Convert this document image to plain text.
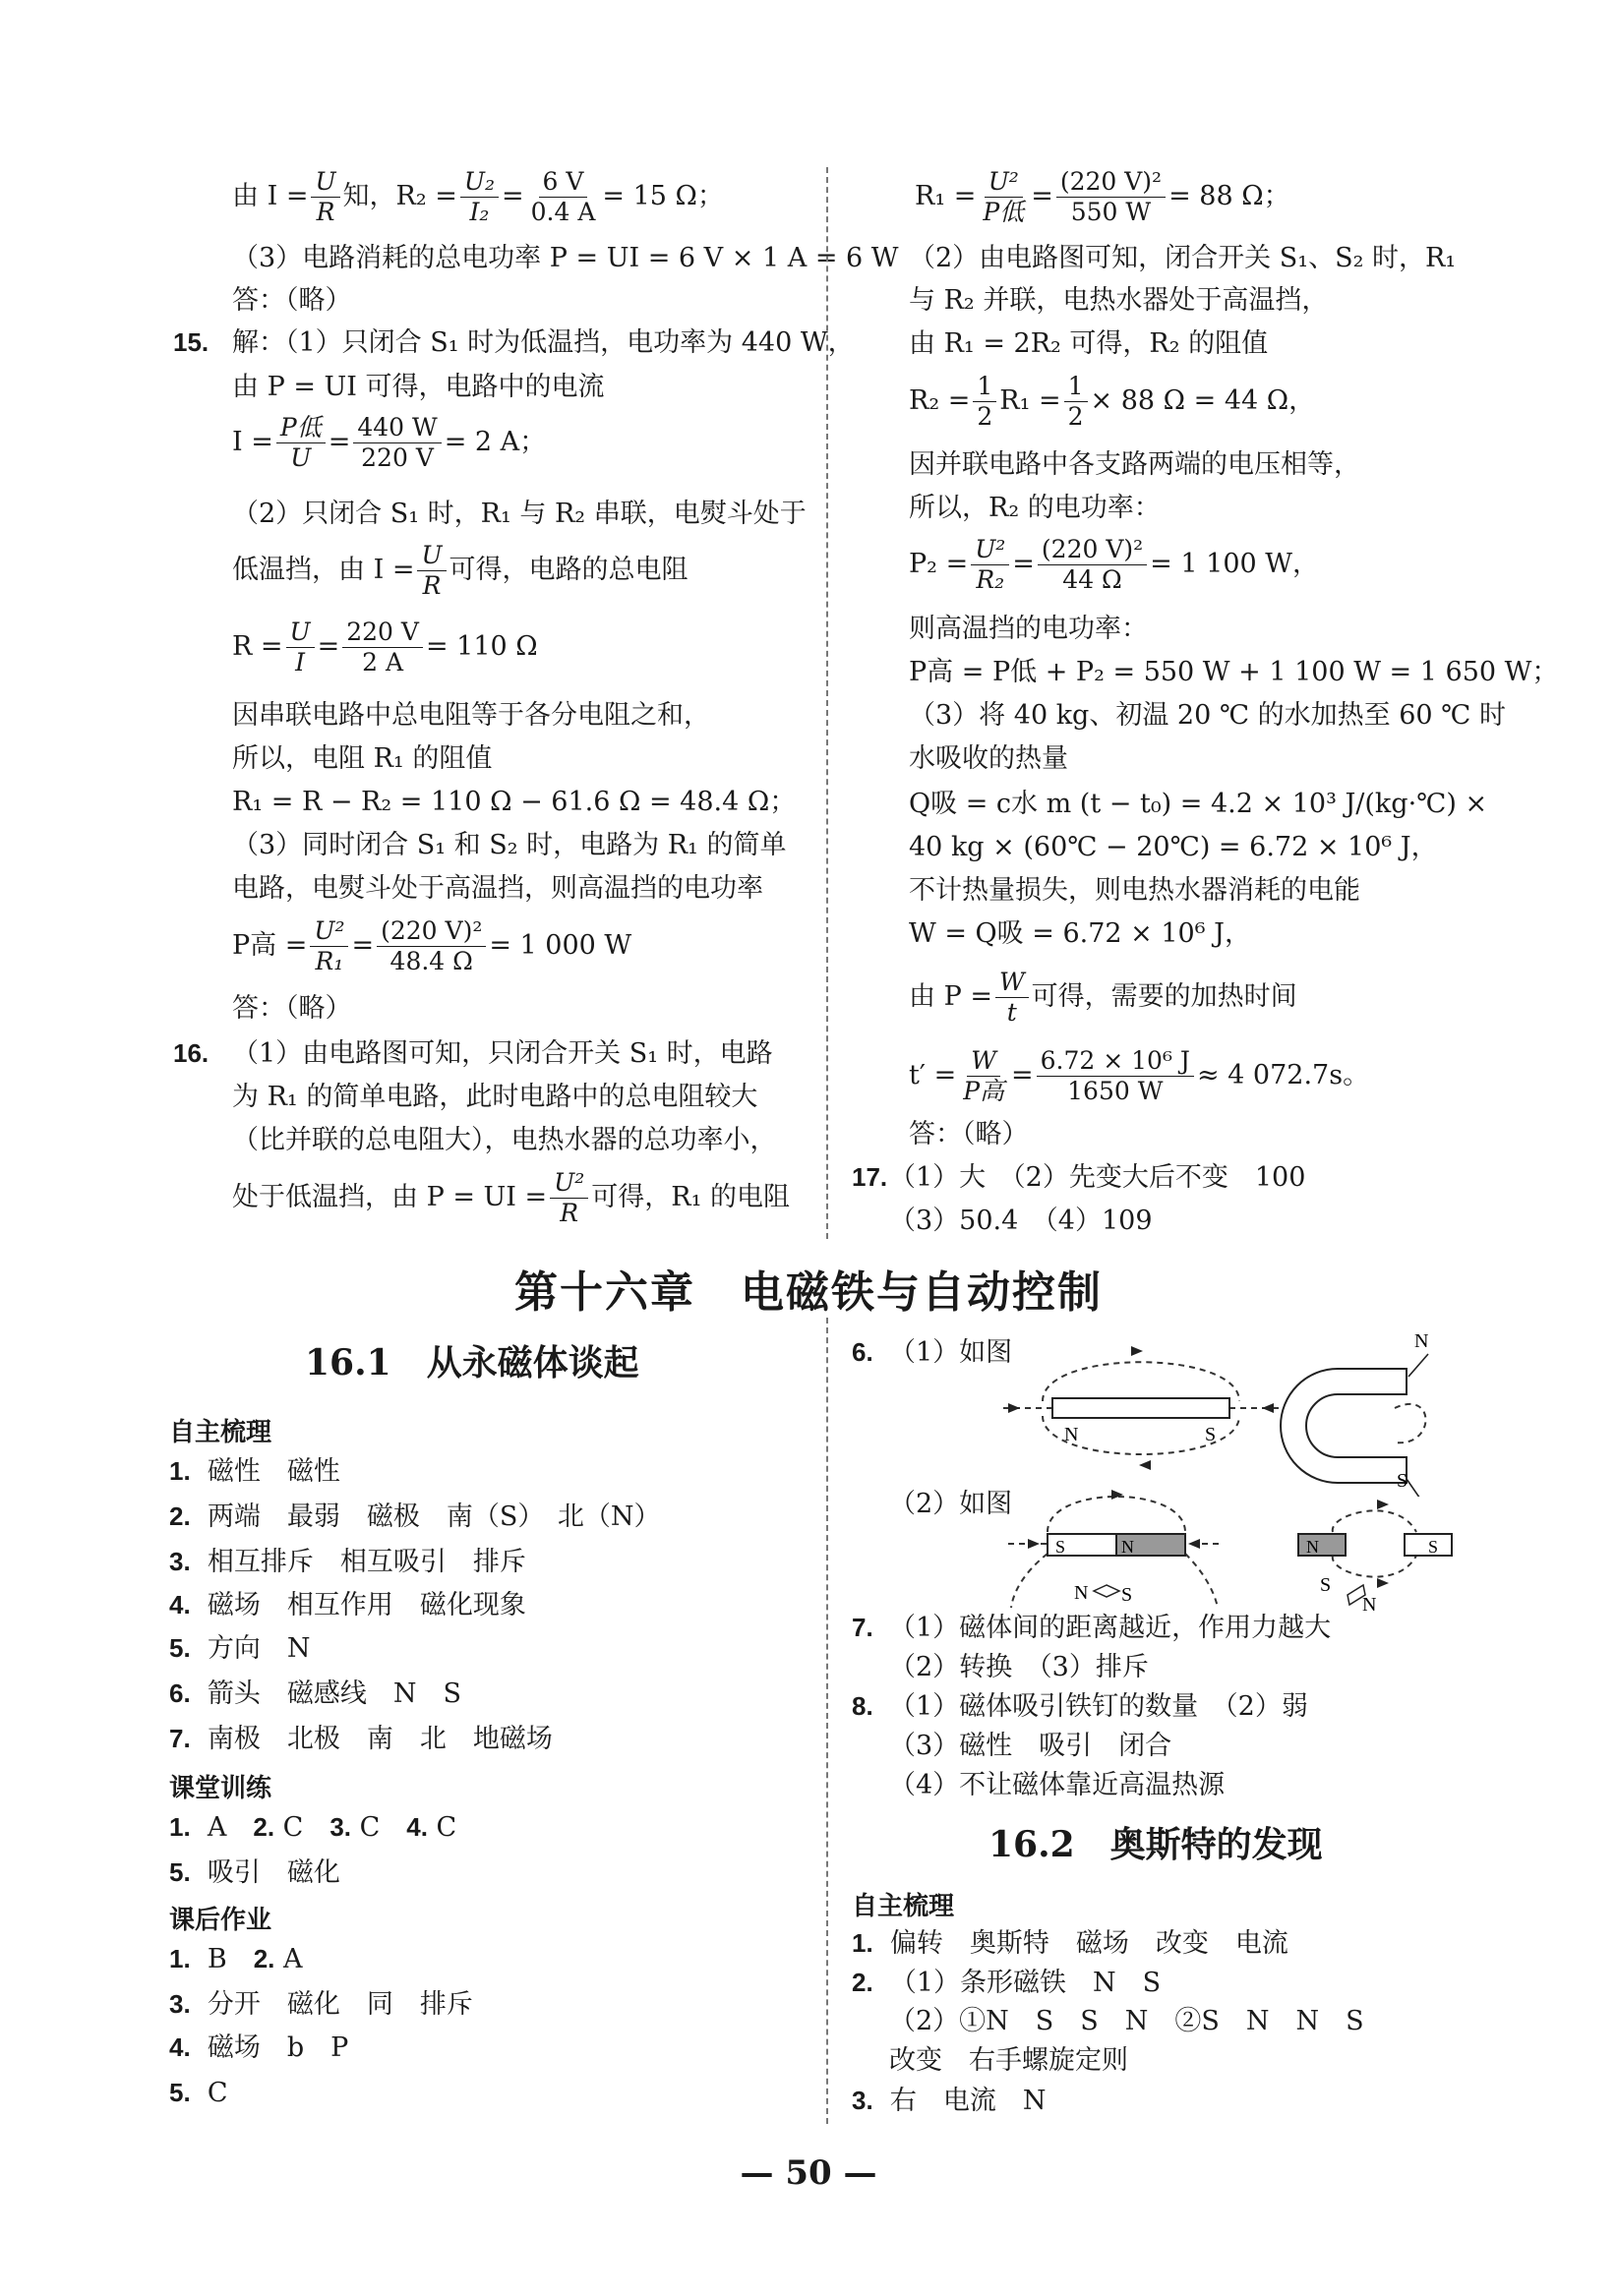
由 $I = \frac{U}{R}$ 知，$R_2 = \frac{\text{U₂}}{\text{I₂}} = \frac{6 V}{0.4 A} = 15$ Ω；
（3）电路消耗的总电功率 P = UI = 6 V × 1 A = 6 W
答：（略）
15. 解：（1）只闭合 S₁ 时为低温挡，电功率为 440 W，
由 P = UI 可得，电路中的电流
$I = \frac{\text{P低}}{U} = \frac{440 W}{220 V} = 2$ A；
（2）只闭合 S₁ 时，R₁ 与 R₂ 串联，电熨斗处于
低温挡，由 $I = \frac{U}{R}$ 可得，电路的总电阻
$R = \frac{U}{I} = \frac{220 V}{2 A} = 110$ Ω
因串联电路中总电阻等于各分电阻之和，
所以，电阻 R₁ 的阻值
R₁ = R − R₂ = 110 Ω − 61.6 Ω = 48.4 Ω；
（3）同时闭合 S₁ 和 S₂ 时，电路为 R₁ 的简单
电路，电熨斗处于高温挡，则高温挡的电功率
P高 = $\frac{\text{U²}}{\text{R₁}} = \frac{\text{(220 V)²}}{48.4 \Omega} = 1$ 000 W
答：（略）
16. （1）由电路图可知，只闭合开关 S₁ 时，电路
为 R₁ 的简单电路，此时电路中的总电阻较大
（比并联的总电阻大），电热水器的总功率小，
处于低温挡，由 P = UI = $\frac{\text{U²}}{R}$ 可得，R₁ 的电阻
$R_1 = \frac{\text{U²}}{\text{P低}} = \frac{\text{(220 V)²}}{550 W} = 88$ Ω；
（2）由电路图可知，闭合开关 S₁、S₂ 时，R₁
与 R₂ 并联，电热水器处于高温挡，
由 R₁ = 2R₂ 可得，R₂ 的阻值
$R_2 = \frac{1}{2} R_1 = \frac{1}{2} \times 88$ Ω = 44 Ω，
因并联电路中各支路两端的电压相等，
所以，R₂ 的电功率：
$P_2 = \frac{\text{U²}}{\text{R₂}} = \frac{\text{(220 V)²}}{44 \Omega} = 1$ 100 W，
则高温挡的电功率：
P高 = P低 + P₂ = 550 W + 1 100 W = 1 650 W；
（3）将 40 kg、初温 20 ℃ 的水加热至 60 ℃ 时
水吸收的热量
Q吸 = c水 m (t − t₀) = 4.2 × 10³ J/(kg·℃) ×
40 kg × (60℃ − 20℃) = 6.72 × 10⁶ J，
不计热量损失，则电热水器消耗的电能
W = Q吸 = 6.72 × 10⁶ J，
由 $P = \frac{W}{t}$ 可得，需要的加热时间
$t' = \frac{W}{\text{P高}} = \frac{\text{6.72 × 10⁶ J}}{1650 W} \approx 4$ 072.7s。
答：（略）
17. （1）大　（2）先变大后不变　100
（3）50.4　（4）109
第十六章　电磁铁与自动控制
16.1　从永磁体谈起
自主梳理
1. 磁性　磁性
2. 两端　最弱　磁极　南（S）　北（N）
3. 相互排斥　相互吸引　排斥
4. 磁场　相互作用　磁化现象
5. 方向　N
6. 箭头　磁感线　N　S
7. 南极　北极　南　北　地磁场
课堂训练
1. A　2. C　3. C　4. C
5. 吸引　磁化
课后作业
1. B　2. A
3. 分开　磁化　同　排斥
4. 磁场　b　P
5. C
6. （1）如图
N	S
N
S
（2）如图
S	N
N S
N	S
S
N
7. （1）磁体间的距离越近，作用力越大
（2）转换　（3）排斥
8. （1）磁体吸引铁钉的数量　（2）弱
（3）磁性　吸引　闭合
（4）不让磁体靠近高温热源
16.2　奥斯特的发现
自主梳理
1. 偏转　奥斯特　磁场　改变　电流
2. （1）条形磁铁　N　S
（2）①N　S　S　N　②S　N　N　S
改变　右手螺旋定则
3. 右　电流　N
— 50 —
